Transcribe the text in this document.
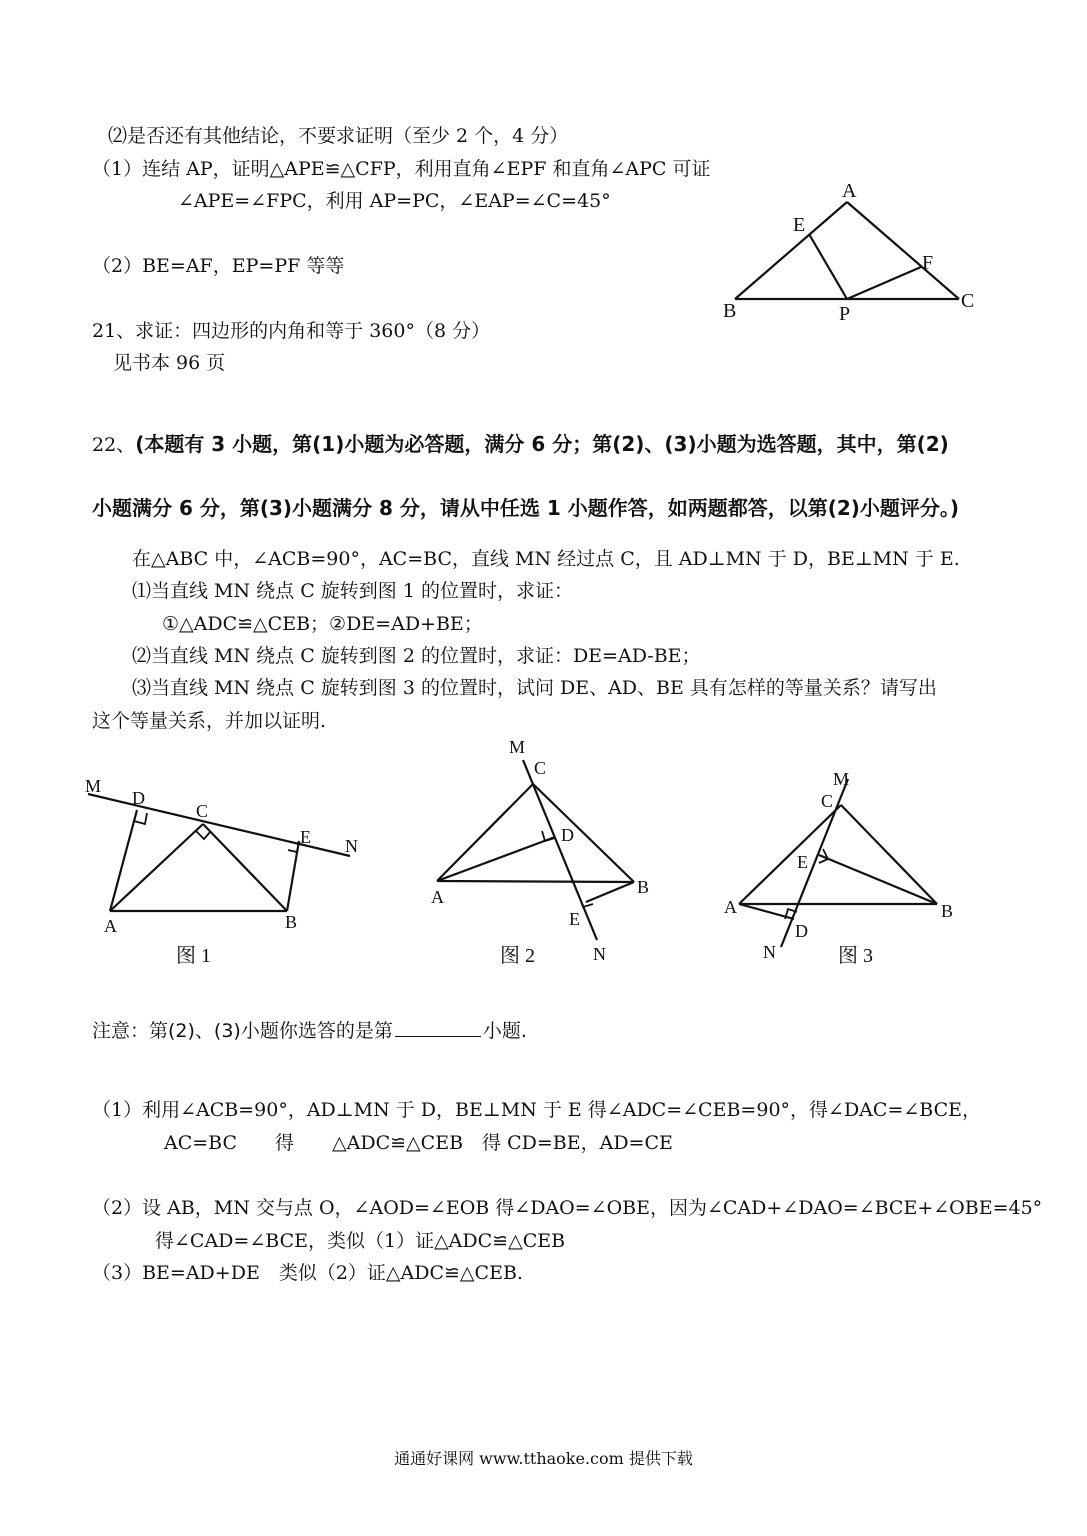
⑵是否还有其他结论，不要求证明（至少 2 个，4 分）
（1）连结 AP，证明△APE≌△CFP，利用直角∠EPF 和直角∠APC 可证
∠APE=∠FPC，利用 AP=PC，∠EAP=∠C=45°
（2）BE=AF，EP=PF 等等
A
B	C
E
F
P
21、求证：四边形的内角和等于 360°（8 分）
见书本 96 页
22、(本题有 3 小题，第(1)小题为必答题，满分 6 分；第(2)、(3)小题为选答题，其中，第(2)
小题满分 6 分，第(3)小题满分 8 分，请从中任选 1 小题作答，如两题都答，以第(2)小题评分。)
在△ABC 中，∠ACB=90°，AC=BC，直线 MN 经过点 C，且 AD⊥MN 于 D，BE⊥MN 于 E.
⑴当直线 MN 绕点 C 旋转到图 1 的位置时，求证：
①△ADC≌△CEB；②DE=AD+BE；
⑵当直线 MN 绕点 C 旋转到图 2 的位置时，求证：DE=AD-BE；
⑶当直线 MN 绕点 C 旋转到图 3 的位置时，试问 DE、AD、BE 具有怎样的等量关系？请写出
这个等量关系，并加以证明.
M
D
C
E N
A	B
图 1
M
C
D
A	B
E
N
图 2
M
C
E
A	B
D
N	图 3
注意：第(2)、(3)小题你选答的是第	小题.
（1）利用∠ACB=90°，AD⊥MN 于 D，BE⊥MN 于 E 得∠ADC=∠CEB=90°，得∠DAC=∠BCE，
AC=BC　　得　　△ADC≌△CEB　得 CD=BE，AD=CE
（2）设 AB，MN 交与点 O，∠AOD=∠EOB 得∠DAO=∠OBE，因为∠CAD+∠DAO=∠BCE+∠OBE=45°
得∠CAD=∠BCE，类似（1）证△ADC≌△CEB
（3）BE=AD+DE　类似（2）证△ADC≌△CEB.
通通好课网 www.tthaoke.com 提供下载
